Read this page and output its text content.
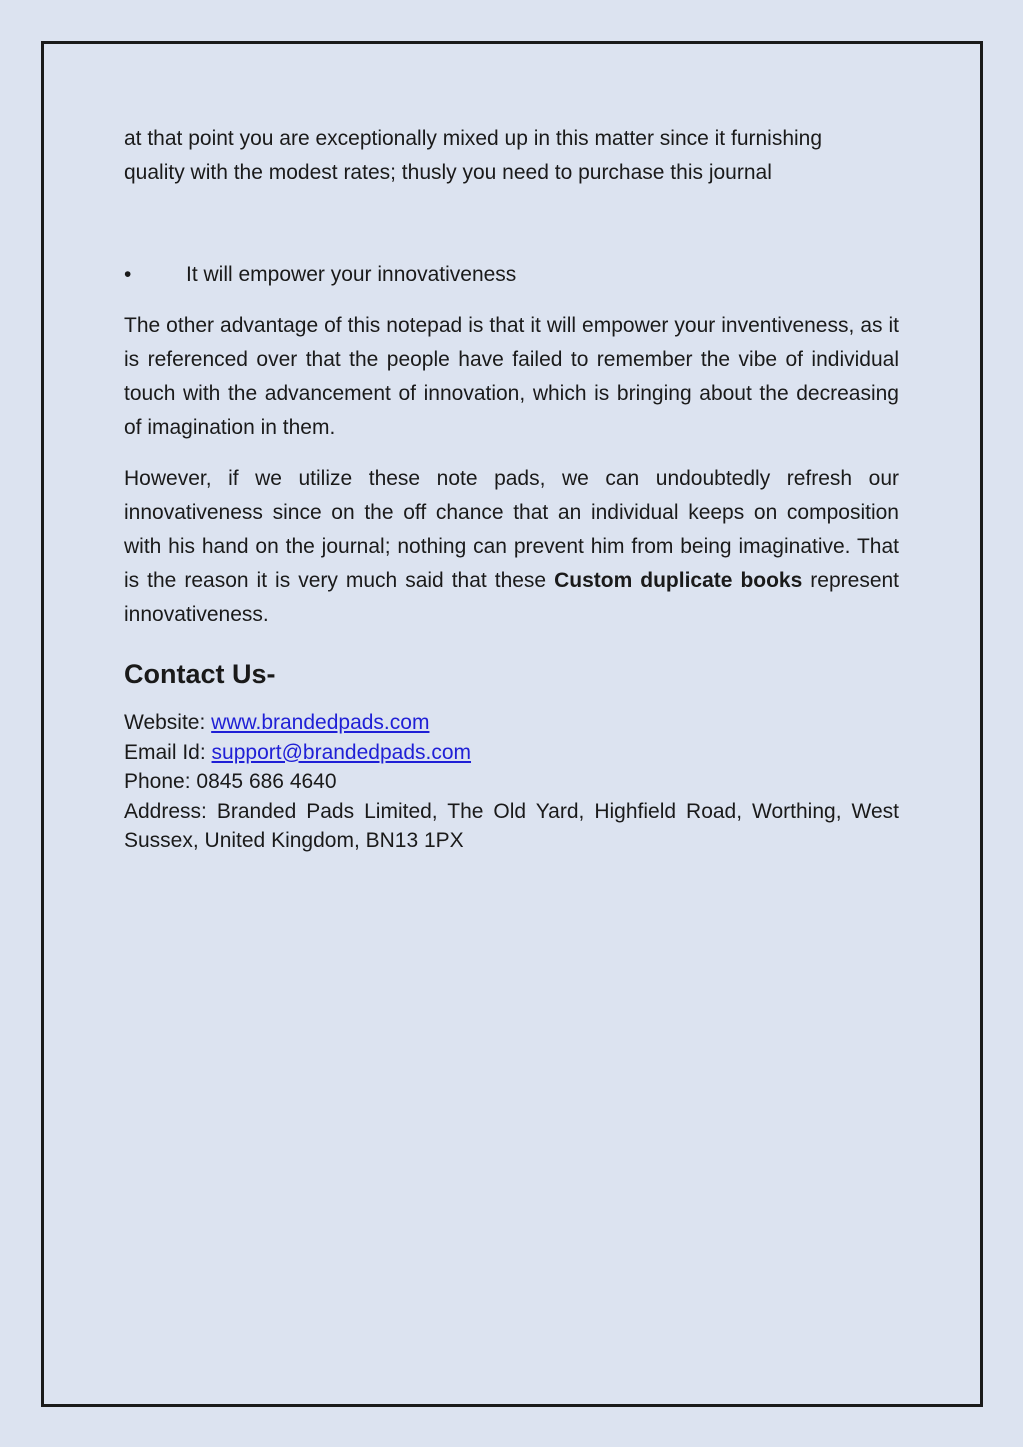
at that point you are exceptionally mixed up in this matter since it furnishing
quality with the modest rates; thusly you need to purchase this journal

•	It will empower your innovativeness

The other advantage of this notepad is that it will empower your inventiveness, as it is referenced over that the people have failed to remember the vibe of individual touch with the advancement of innovation, which is bringing about the decreasing of imagination in them.

However, if we utilize these note pads, we can undoubtedly refresh our innovativeness since on the off chance that an individual keeps on composition with his hand on the journal; nothing can prevent him from being imaginative. That is the reason it is very much said that these Custom duplicate books represent innovativeness.

Contact Us-
Website: www.brandedpads.com
Email Id: support@brandedpads.com
Phone: 0845 686 4640
Address: Branded Pads Limited, The Old Yard, Highfield Road, Worthing, West Sussex, United Kingdom, BN13 1PX
